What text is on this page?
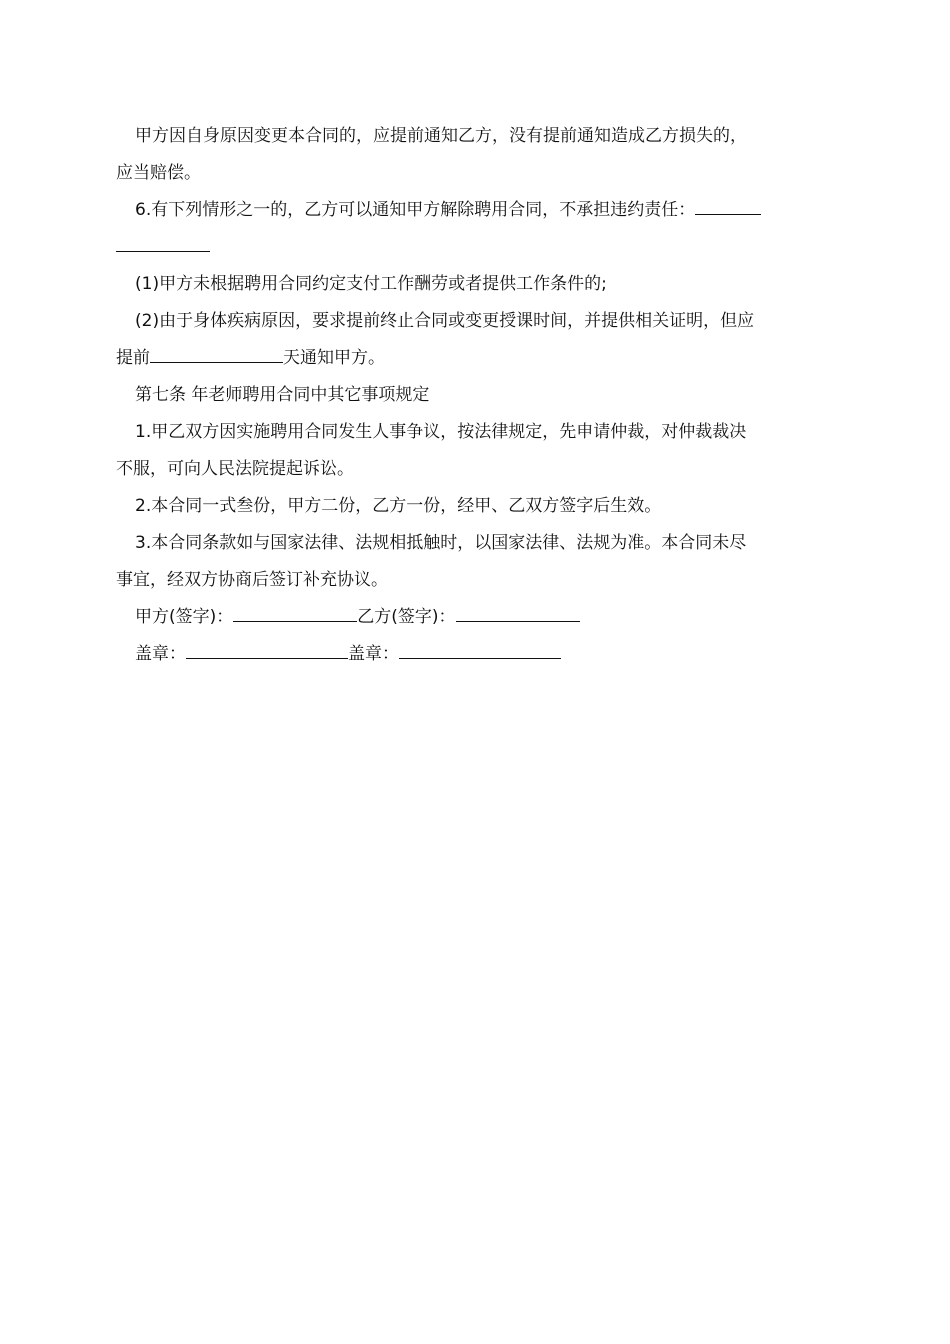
甲方因自身原因变更本合同的，应提前通知乙方，没有提前通知造成乙方损失的，
应当赔偿。
6.有下列情形之一的，乙方可以通知甲方解除聘用合同，不承担违约责任：
(1)甲方未根据聘用合同约定支付工作酬劳或者提供工作条件的;
(2)由于身体疾病原因，要求提前终止合同或变更授课时间，并提供相关证明，但应
提前	天通知甲方。
第七条 年老师聘用合同中其它事项规定
1.甲乙双方因实施聘用合同发生人事争议，按法律规定，先申请仲裁，对仲裁裁决
不服，可向人民法院提起诉讼。
2.本合同一式叁份，甲方二份，乙方一份，经甲、乙双方签字后生效。
3.本合同条款如与国家法律、法规相抵触时，以国家法律、法规为准。本合同未尽
事宜，经双方协商后签订补充协议。
甲方(签字)：	乙方(签字)：
盖章：	盖章：
